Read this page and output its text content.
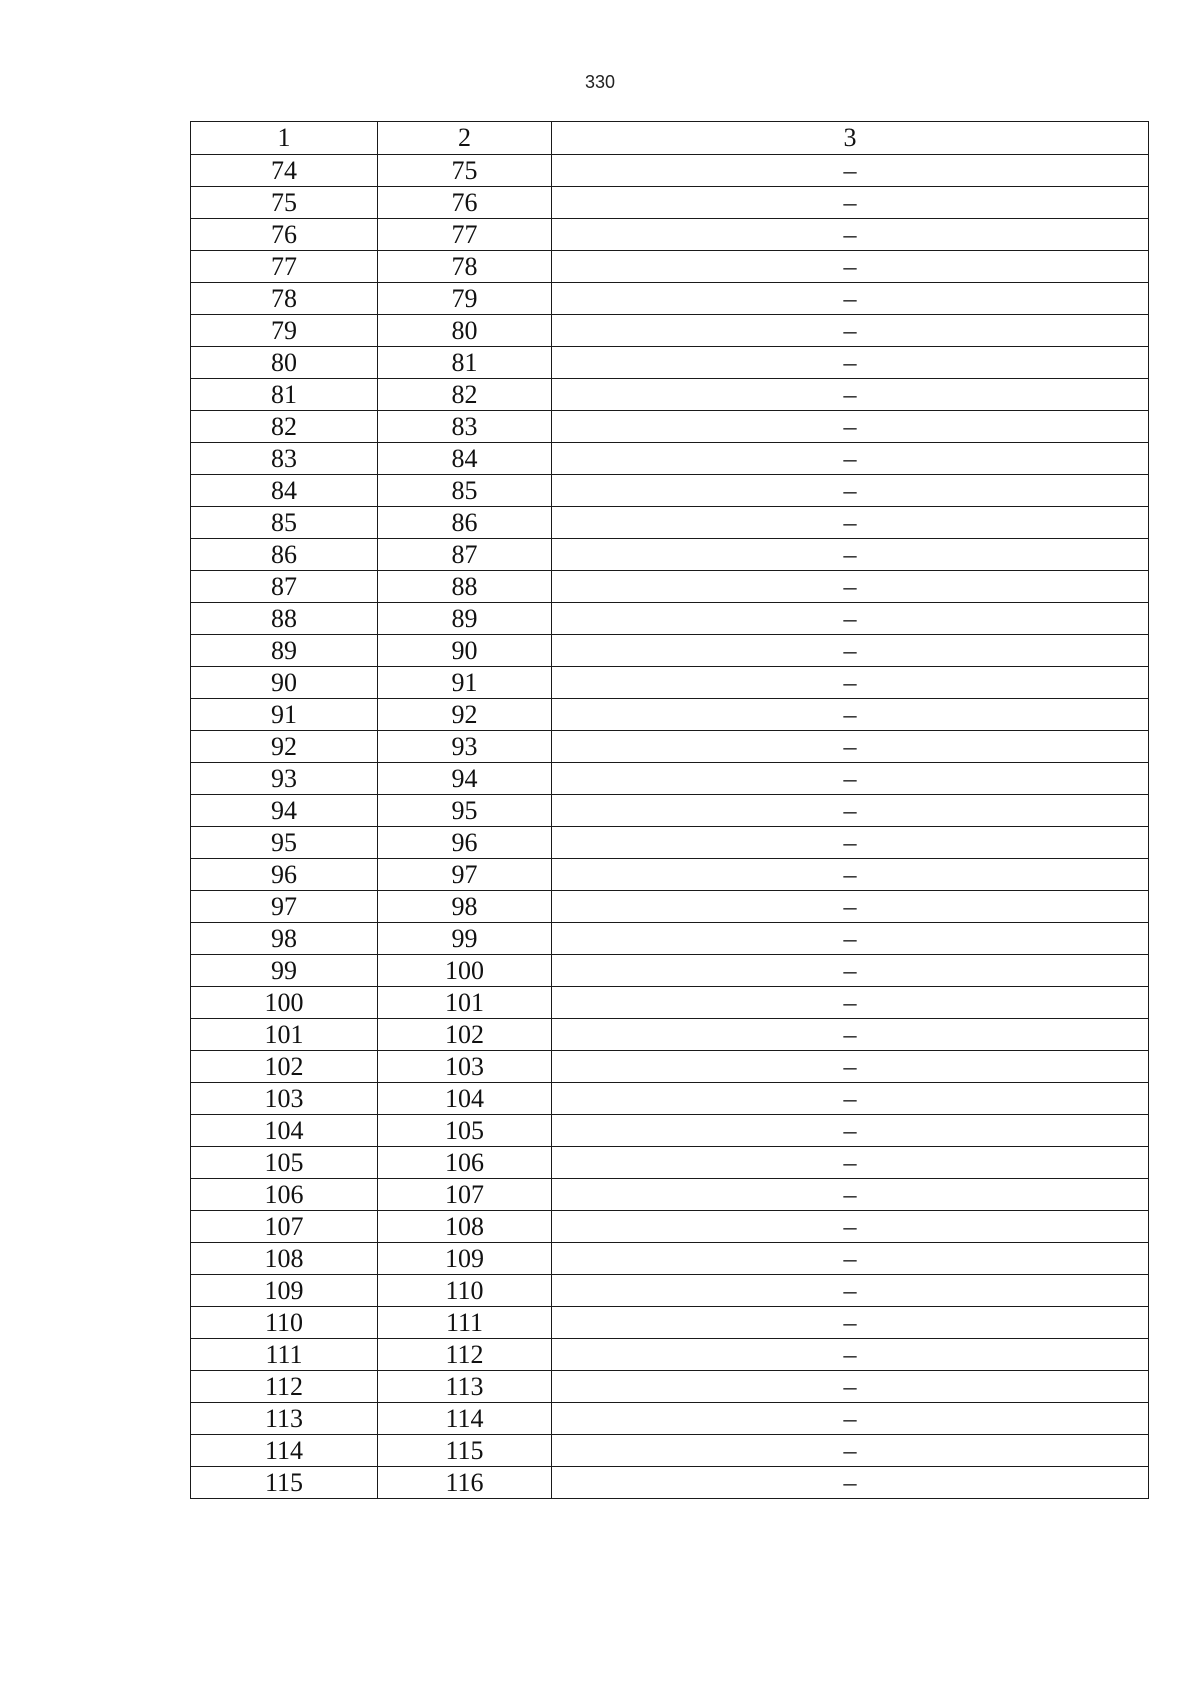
330
1	2	3
74	75	–
75	76	–
76	77	–
77	78	–
78	79	–
79	80	–
80	81	–
81	82	–
82	83	–
83	84	–
84	85	–
85	86	–
86	87	–
87	88	–
88	89	–
89	90	–
90	91	–
91	92	–
92	93	–
93	94	–
94	95	–
95	96	–
96	97	–
97	98	–
98	99	–
99	100	–
100	101	–
101	102	–
102	103	–
103	104	–
104	105	–
105	106	–
106	107	–
107	108	–
108	109	–
109	110	–
110	111	–
111	112	–
112	113	–
113	114	–
114	115	–
115	116	–
